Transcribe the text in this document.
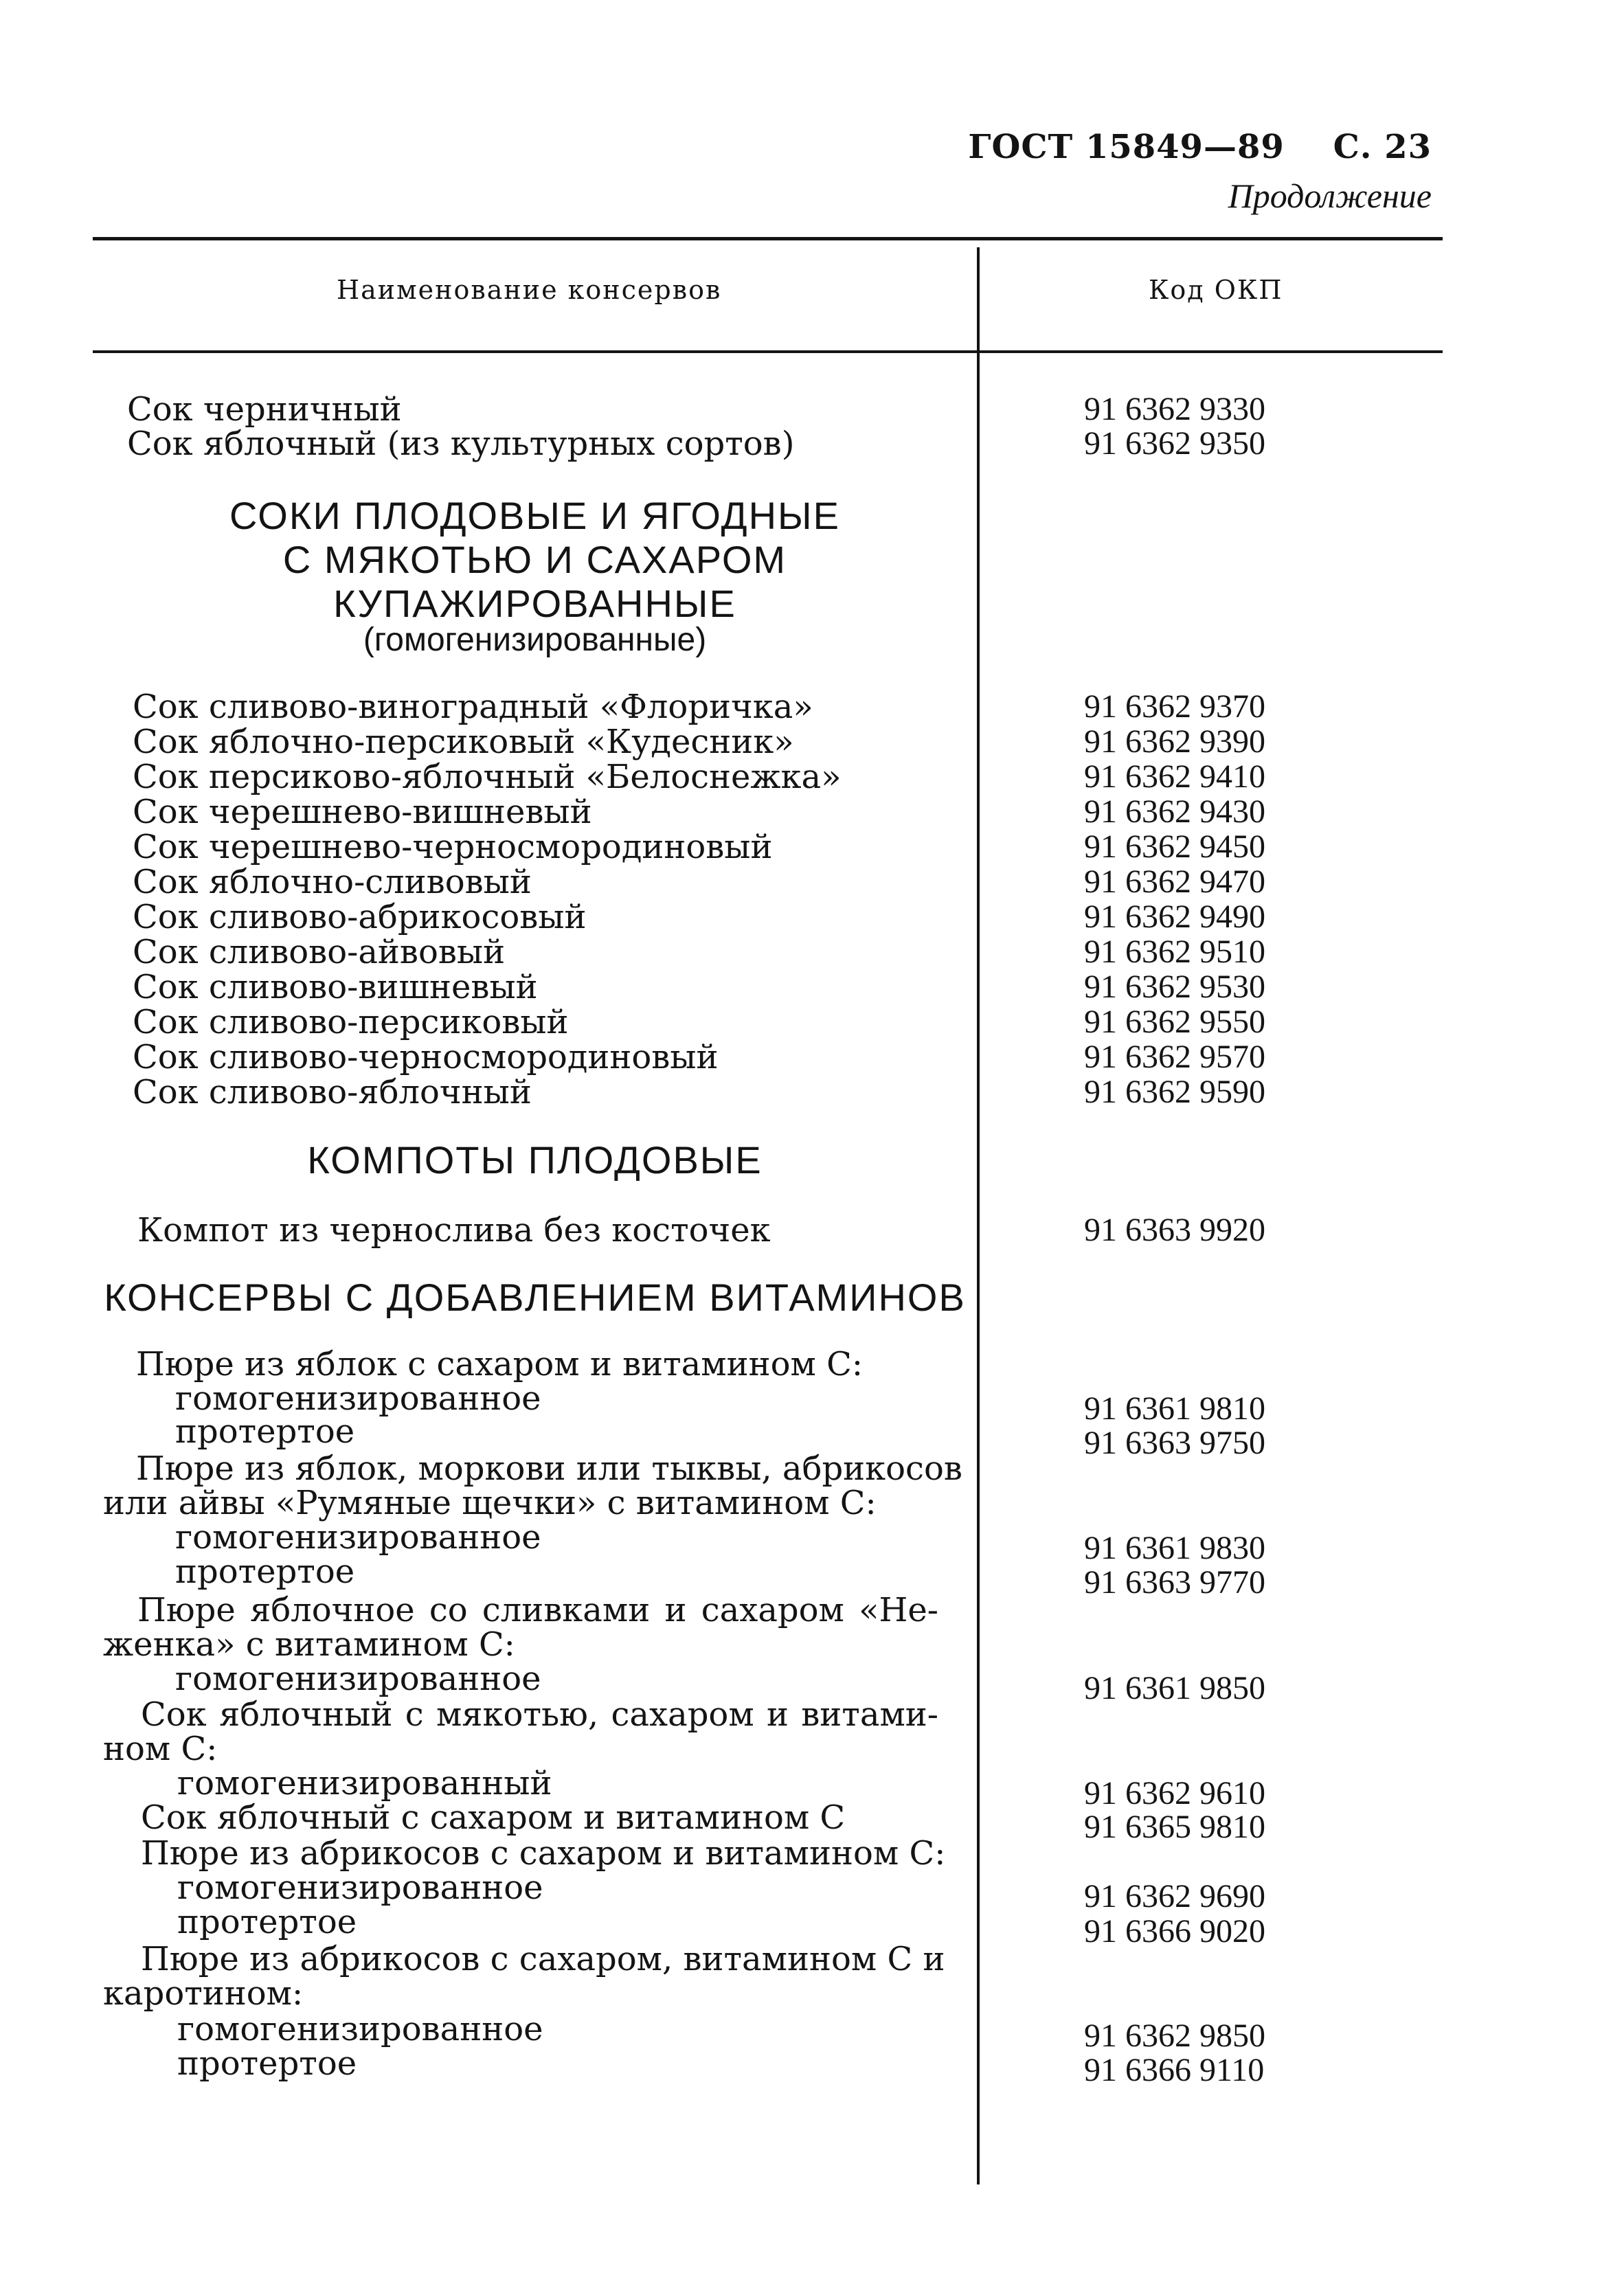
ГОСТ 15849—89 С. 23

Продолжение
Наименование консервов	Код ОКП
Сок черничный	91 6362 9330
Сок яблочный (из культурных сортов)	91 6362 9350
СОКИ ПЛОДОВЫЕ И ЯГОДНЫЕ
С МЯКОТЬЮ И САХАРОМ
КУПАЖИРОВАННЫЕ
(гомогенизированные)
Сок сливово-виноградный «Флоричка»	91 6362 9370
Сок яблочно-персиковый «Кудесник»	91 6362 9390
Сок персиково-яблочный «Белоснежка»	91 6362 9410
Сок черешнево-вишневый	91 6362 9430
Сок черешнево-черносмородиновый	91 6362 9450
Сок яблочно-сливовый	91 6362 9470
Сок сливово-абрикосовый	91 6362 9490
Сок сливово-айвовый	91 6362 9510
Сок сливово-вишневый	91 6362 9530
Сок сливово-персиковый	91 6362 9550
Сок сливово-черносмородиновый	91 6362 9570
Сок сливово-яблочный	91 6362 9590
КОМПОТЫ ПЛОДОВЫЕ
Компот из чернослива без косточек	91 6363 9920
КОНСЕРВЫ С ДОБАВЛЕНИЕМ ВИТАМИНОВ
Пюре из яблок с сахаром и витамином С:
гомогенизированное	91 6361 9810
протертое	91 6363 9750
Пюре из яблок, моркови или тыквы, абрикосов
или айвы «Румяные щечки» с витамином С:
гомогенизированное	91 6361 9830
протертое	91 6363 9770
Пюре яблочное со сливками и сахаром «Не-
женка» с витамином С:
гомогенизированное	91 6361 9850
Сок яблочный с мякотью, сахаром и витами-
ном С:
гомогенизированный	91 6362 9610
Сок яблочный с сахаром и витамином С	91 6365 9810
Пюре из абрикосов с сахаром и витамином С:
гомогенизированное	91 6362 9690
протертое	91 6366 9020
Пюре из абрикосов с сахаром, витамином С и
каротином:
гомогенизированное	91 6362 9850
протертое	91 6366 9110
